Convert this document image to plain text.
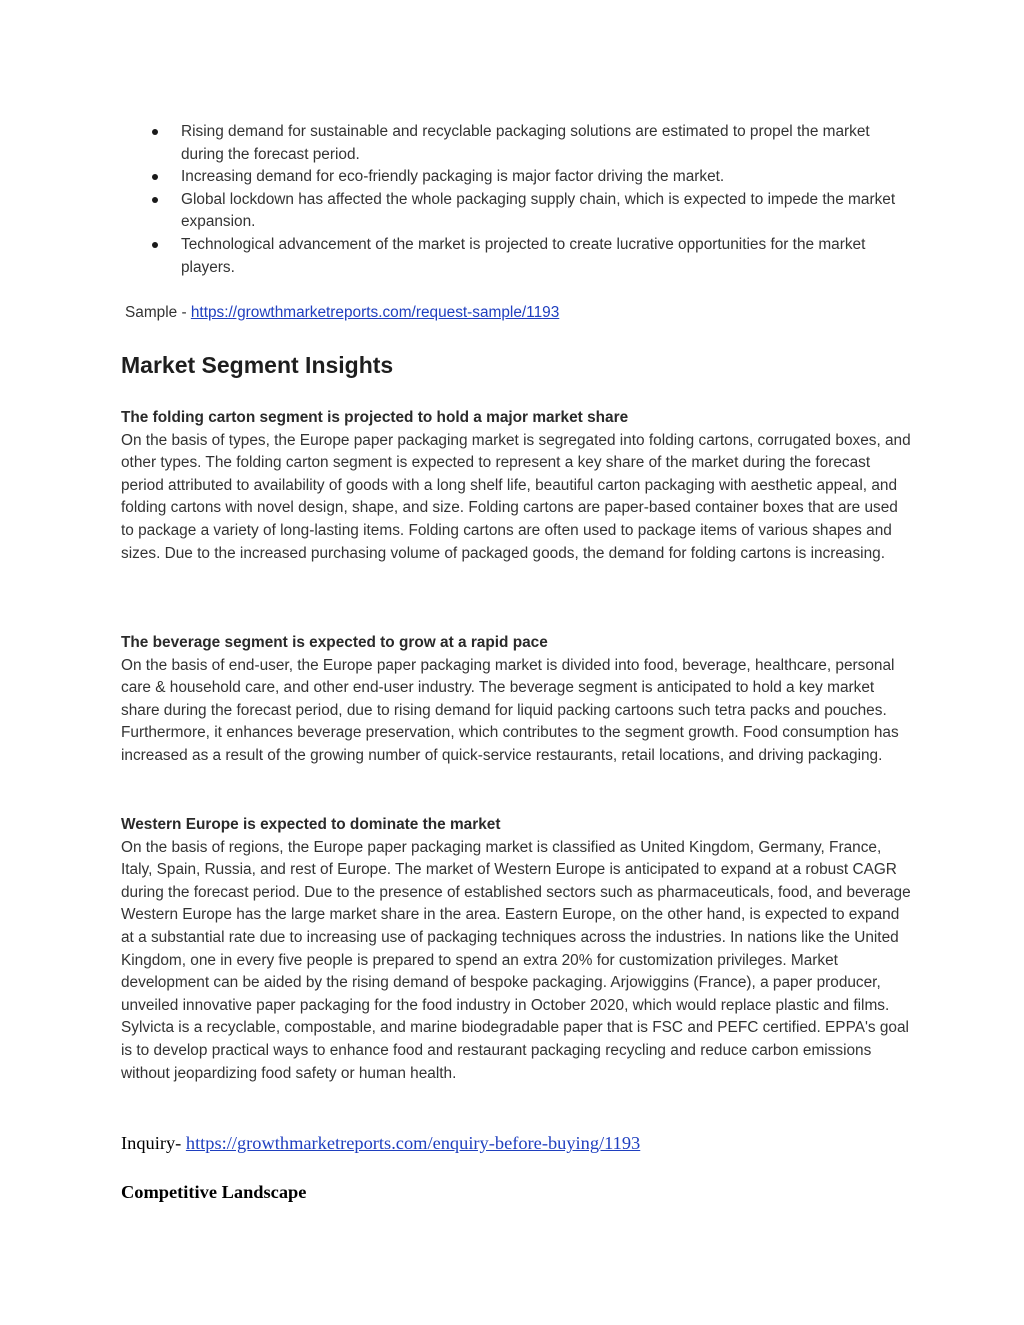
Rising demand for sustainable and recyclable packaging solutions are estimated to propel the market during the forecast period.
Increasing demand for eco-friendly packaging is major factor driving the market.
Global lockdown has affected the whole packaging supply chain, which is expected to impede the market expansion.
Technological advancement of the market is projected to create lucrative opportunities for the market players.
Sample - https://growthmarketreports.com/request-sample/1193
Market Segment Insights

The folding carton segment is projected to hold a major market share

On the basis of types, the Europe paper packaging market is segregated into folding cartons, corrugated boxes, and other types. The folding carton segment is expected to represent a key share of the market during the forecast period attributed to availability of goods with a long shelf life, beautiful carton packaging with aesthetic appeal, and folding cartons with novel design, shape, and size. Folding cartons are paper-based container boxes that are used to package a variety of long-lasting items. Folding cartons are often used to package items of various shapes and sizes. Due to the increased purchasing volume of packaged goods, the demand for folding cartons is increasing.

The beverage segment is expected to grow at a rapid pace

On the basis of end-user, the Europe paper packaging market is divided into food, beverage, healthcare, personal care & household care, and other end-user industry. The beverage segment is anticipated to hold a key market share during the forecast period, due to rising demand for liquid packing cartoons such tetra packs and pouches. Furthermore, it enhances beverage preservation, which contributes to the segment growth. Food consumption has increased as a result of the growing number of quick-service restaurants, retail locations, and driving packaging.

Western Europe is expected to dominate the market

On the basis of regions, the Europe paper packaging market is classified as United Kingdom, Germany, France, Italy, Spain, Russia, and rest of Europe. The market of Western Europe is anticipated to expand at a robust CAGR during the forecast period. Due to the presence of established sectors such as pharmaceuticals, food, and beverage Western Europe has the large market share in the area. Eastern Europe, on the other hand, is expected to expand at a substantial rate due to increasing use of packaging techniques across the industries. In nations like the United Kingdom, one in every five people is prepared to spend an extra 20% for customization privileges. Market development can be aided by the rising demand of bespoke packaging. Arjowiggins (France), a paper producer, unveiled innovative paper packaging for the food industry in October 2020, which would replace plastic and films. Sylvicta is a recyclable, compostable, and marine biodegradable paper that is FSC and PEFC certified. EPPA's goal is to develop practical ways to enhance food and restaurant packaging recycling and reduce carbon emissions without jeopardizing food safety or human health.

Inquiry- https://growthmarketreports.com/enquiry-before-buying/1193
Competitive Landscape
